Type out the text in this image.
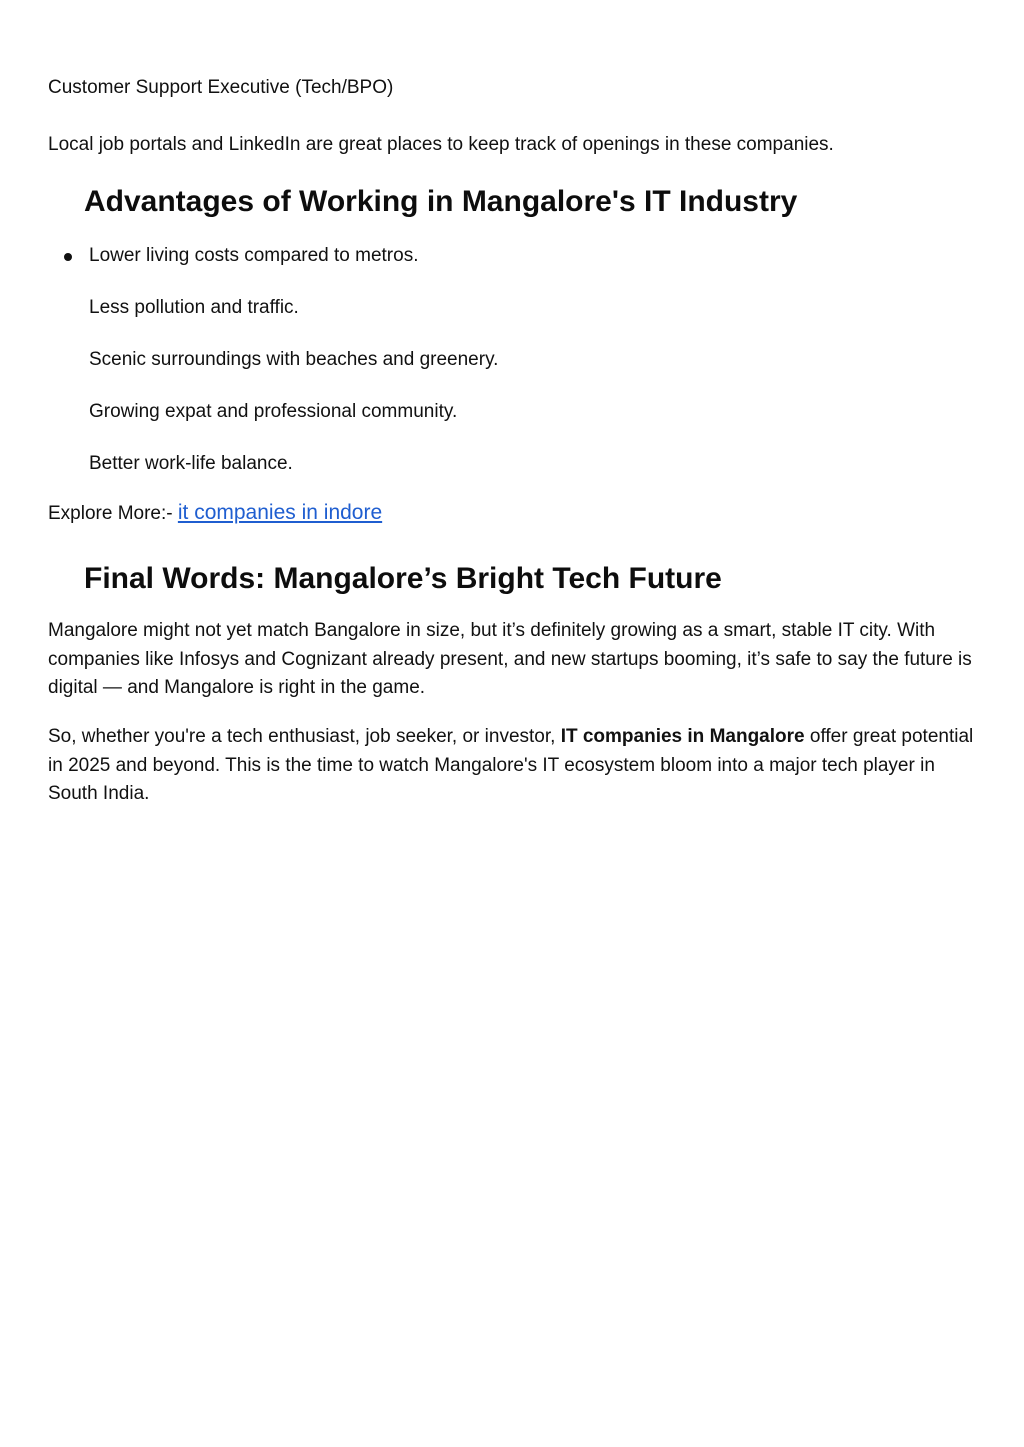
Customer Support Executive (Tech/BPO)

Local job portals and LinkedIn are great places to keep track of openings in these companies.

Advantages of Working in Mangalore's IT Industry

Lower living costs compared to metros.

Less pollution and traffic.

Scenic surroundings with beaches and greenery.

Growing expat and professional community.

Better work-life balance.

Explore More:- it companies in indore

Final Words: Mangalore’s Bright Tech Future

Mangalore might not yet match Bangalore in size, but it’s definitely growing as a smart, stable IT city. With companies like Infosys and Cognizant already present, and new startups booming, it’s safe to say the future is digital — and Mangalore is right in the game.

So, whether you're a tech enthusiast, job seeker, or investor, IT companies in Mangalore offer great potential in 2025 and beyond. This is the time to watch Mangalore's IT ecosystem bloom into a major tech player in South India.
